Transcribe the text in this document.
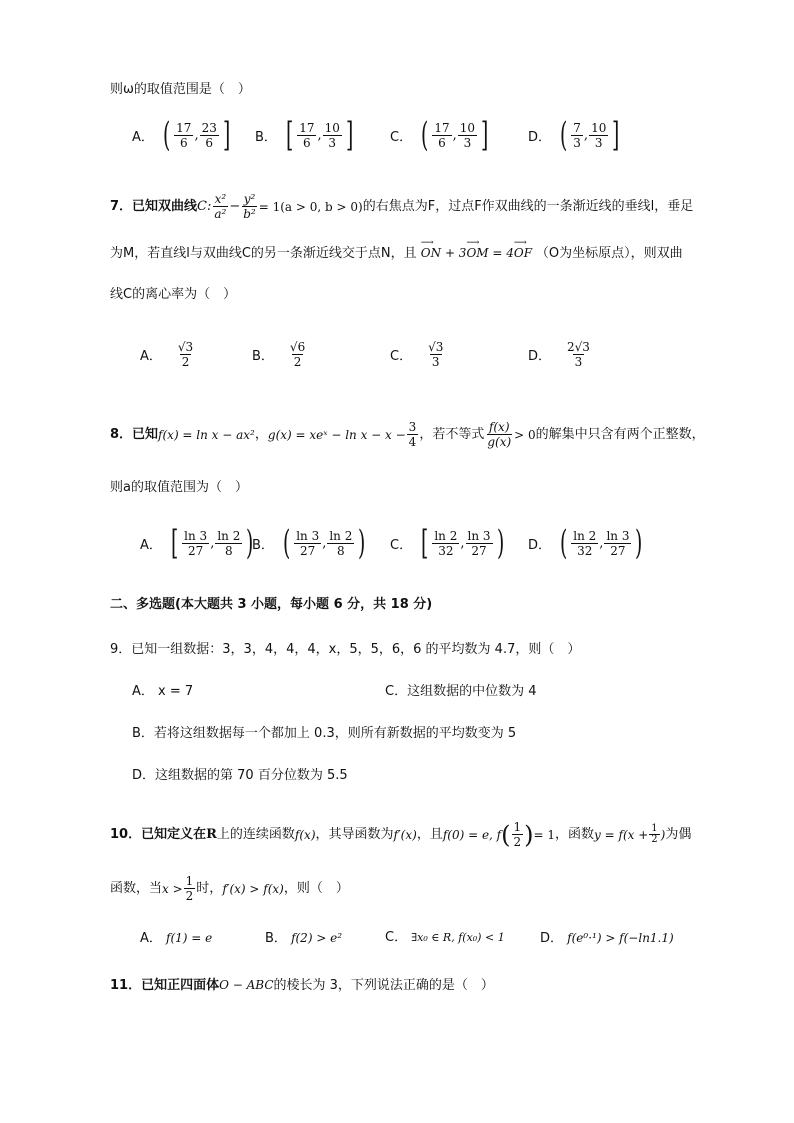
则ω的取值范围是（　）
A． ( $\frac{17}{6}$ , $\frac{23}{6}$ ] B． [ $\frac{17}{6}$ , $\frac{10}{3}$ ]	C． ( $\frac{17}{6}$ , $\frac{10}{3}$ ]	D． ( $\frac{7}{3}$ , $\frac{10}{3}$ ]
7．已知双曲线 C: $\frac{\text{x²}}{\text{a²}} - \frac{\text{y²}}{\text{b²}} = 1(a > 0$, b > 0) 的右焦点为F，过点F作双曲线的一条渐近线的垂线l，垂足
为M，若直线l与双曲线C的另一条渐近线交于点N，且 ⟶ ON + 3⟶ OM = 4⟶ OF （O为坐标原点），则双曲
线C的离心率为（　）
A． $\frac{√3}{2}$	B． $\frac{√6}{2}$	C． $\frac{√3}{3}$	D． $\frac{2√3}{3}$
8．已知 f(x) = ln x − ax² ， g(x) = xeˣ − $\ln x - x - \frac{3}{4}$ ，若不等式 $\frac{f(x)}{g(x)} > 0$ 的解集中只含有两个正整数，
则a的取值范围为（　）
A． [ $\frac{\ln 3}{27}$ , $\frac{\ln 2}{8}$ )
B． ( $\frac{\ln 3}{27}$ , $\frac{\ln 2}{8}$ ) C． [ $\frac{\ln 2}{32}$ , $\frac{\ln 3}{27}$ ) D． ( $\frac{\ln 2}{32}$ , $\frac{\ln 3}{27}$ )
二、多选题(本大题共 3 小题，每小题 6 分，共 18 分)
9．已知一组数据：3，3，4，4，4，x，5，5，6，6 的平均数为 4.7，则（　）
A． x = 7	C．这组数据的中位数为 4
B．若将这组数据每一个都加上 0.3，则所有新数据的平均数变为 5
D．这组数据的第 70 百分位数为 5.5
10．已知定义在 R 上的连续函数 f(x) ，其导函数为 f′(x) ，且 f(0) = e, f ( $\frac{1}{2}$ ) = 1 ，函数 $y = f(x + \frac{1}{2}$ ) 为偶
函数，当 $x > \frac{1}{2}$ 时， f′(x) > f(x) ，则（　）
A． f(1) = e	B． f(2) > e²	C． ∃x₀ ∈ R, f(x₀) < 1	D． f(e⁰·¹) > f(−ln1.1)
11．已知正四面体O − ABC的棱长为 3，下列说法正确的是（　）
